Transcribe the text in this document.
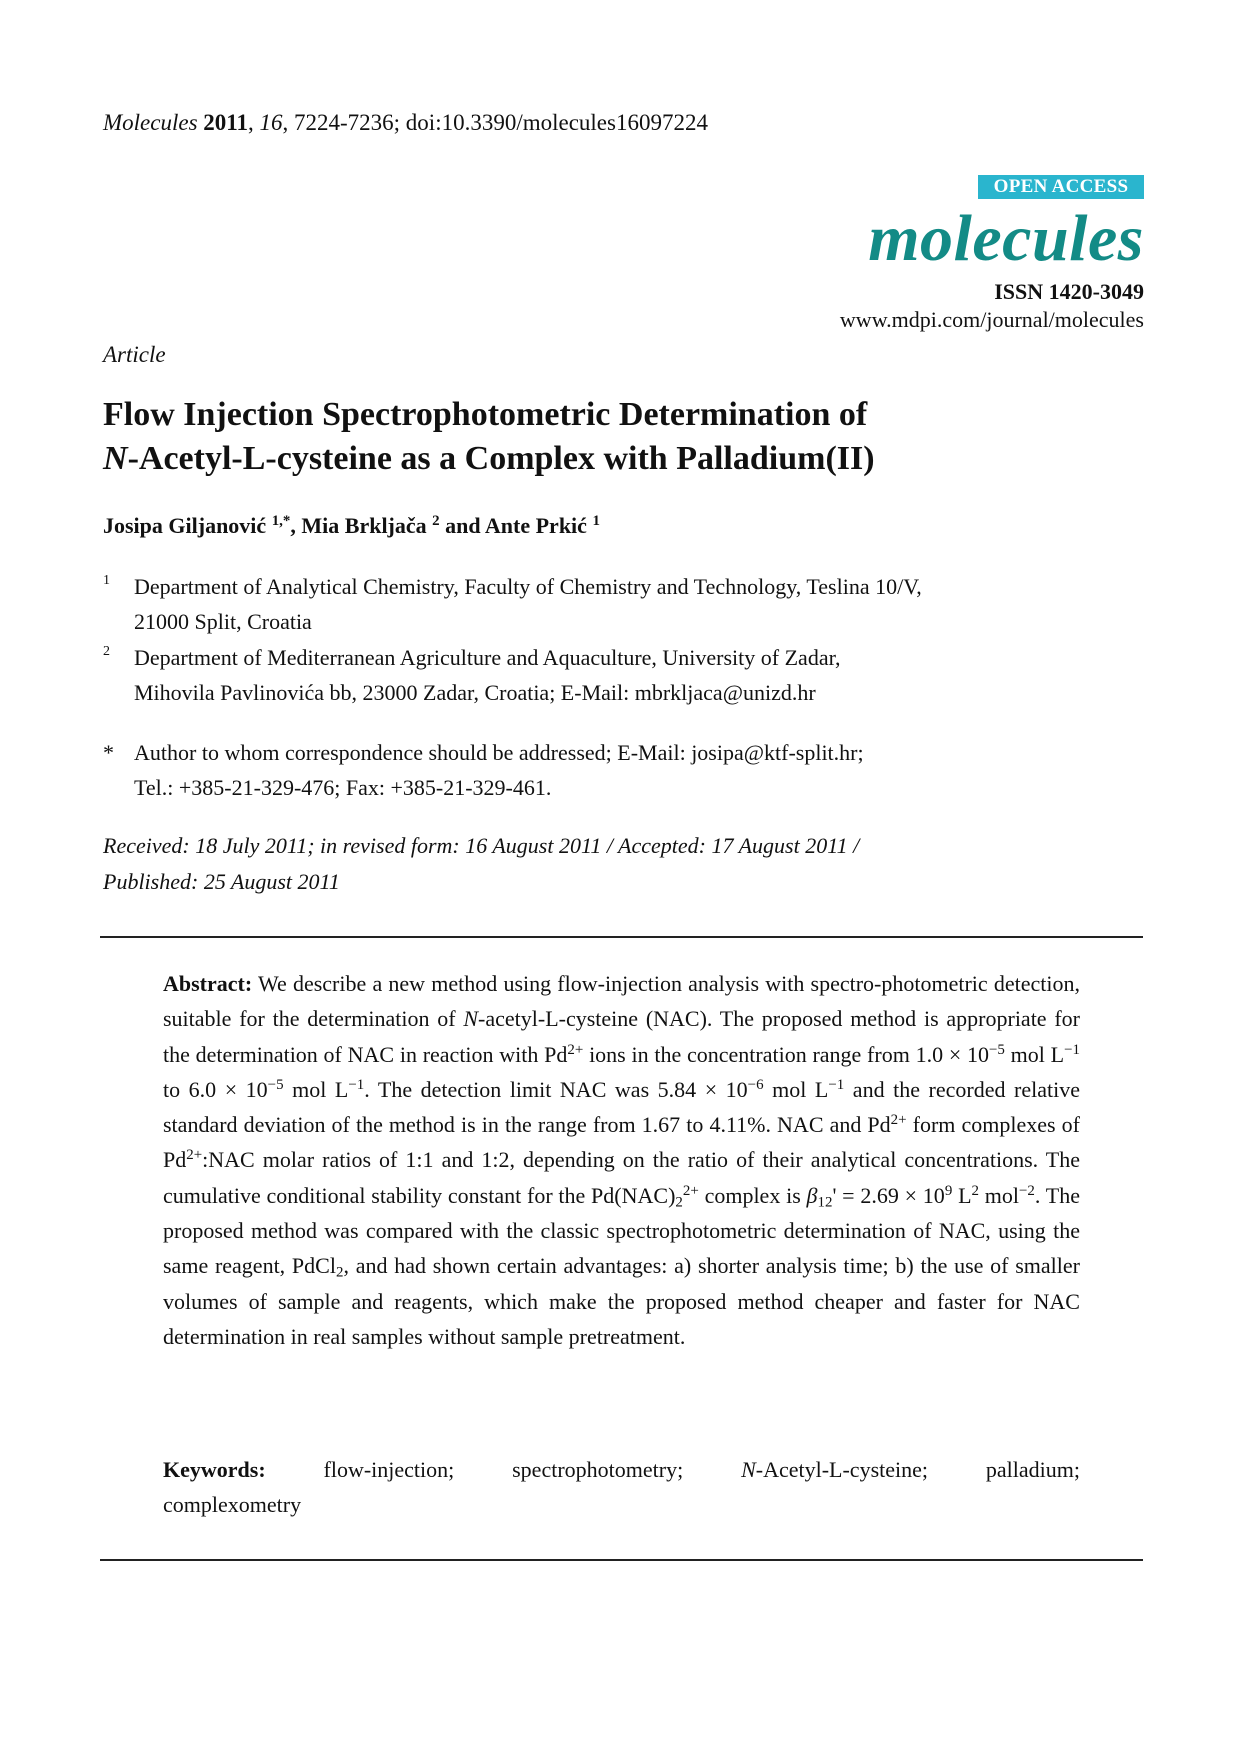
Molecules 2011, 16, 7224-7236; doi:10.3390/molecules16097224
OPEN ACCESS
molecules
ISSN 1420-3049
www.mdpi.com/journal/molecules
Article
Flow Injection Spectrophotometric Determination of
N-Acetyl-L-cysteine as a Complex with Palladium(II)
Josipa Giljanović $^{1,*}$, Mia Brkljača $^2$ and Ante Prkić $^1$
1 Department of Analytical Chemistry, Faculty of Chemistry and Technology, Teslina 10/V,
21000 Split, Croatia
2 Department of Mediterranean Agriculture and Aquaculture, University of Zadar,
Mihovila Pavlinovića bb, 23000 Zadar, Croatia; E-Mail: mbrkljaca@unizd.hr
* Author to whom correspondence should be addressed; E-Mail: josipa@ktf-split.hr;
Tel.: +385-21-329-476; Fax: +385-21-329-461.
Received: 18 July 2011; in revised form: 16 August 2011 / Accepted: 17 August 2011 /
Published: 25 August 2011

Abstract: We describe a new method using flow-injection analysis with spectro-photometric detection, suitable for the determination of N-acetyl-L-cysteine (NAC). The proposed method is appropriate for the determination of NAC in reaction with $Pd^{2+}$ ions in the concentration range from $1.0 \times 10^{-5}$ mol $L^{-1}$ to $6.0 \times 10^{-5}$ mol $L^{-1}$. The detection limit NAC was $5.84 \times 10^{-6}$ mol $L^{-1}$ and the recorded relative standard deviation of the method is in the range from 1.67 to 4.11%. NAC and $Pd^{2+}$ form complexes of $Pd^{2+}:NAC$ molar ratios of 1:1 and 1:2, depending on the ratio of their analytical concentrations. The cumulative conditional stability constant for the $Pd(NAC)_2^{2+}$ complex is $\beta_{12}' = 2.69 \times 10^9$ $L^2$ mol$^{-2}$. The proposed method was compared with the classic spectrophotometric determination of NAC, using the same reagent, PdCl$_2$, and had shown certain advantages: a) shorter analysis time; b) the use of smaller volumes of sample and reagents, which make the proposed method cheaper and faster for NAC determination in real samples without sample pretreatment.

Keywords:	flow-injection;	spectrophotometry;	N-Acetyl-L-cysteine;	palladium;
complexometry
